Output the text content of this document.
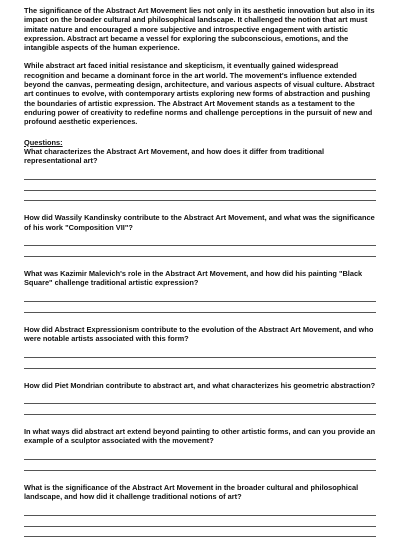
The significance of the Abstract Art Movement lies not only in its aesthetic innovation but also in its impact on the broader cultural and philosophical landscape. It challenged the notion that art must imitate nature and encouraged a more subjective and introspective engagement with artistic expression. Abstract art became a vessel for exploring the subconscious, emotions, and the intangible aspects of the human experience.

While abstract art faced initial resistance and skepticism, it eventually gained widespread recognition and became a dominant force in the art world. The movement's influence extended beyond the canvas, permeating design, architecture, and various aspects of visual culture. Abstract art continues to evolve, with contemporary artists exploring new forms of abstraction and pushing the boundaries of artistic expression. The Abstract Art Movement stands as a testament to the enduring power of creativity to redefine norms and challenge perceptions in the pursuit of new and profound aesthetic experiences.

Questions:

What characterizes the Abstract Art Movement, and how does it differ from traditional representational art?

How did Wassily Kandinsky contribute to the Abstract Art Movement, and what was the significance of his work "Composition VII"?

What was Kazimir Malevich's role in the Abstract Art Movement, and how did his painting "Black Square" challenge traditional artistic expression?

How did Abstract Expressionism contribute to the evolution of the Abstract Art Movement, and who were notable artists associated with this form?

How did Piet Mondrian contribute to abstract art, and what characterizes his geometric abstraction?

In what ways did abstract art extend beyond painting to other artistic forms, and can you provide an example of a sculptor associated with the movement?

What is the significance of the Abstract Art Movement in the broader cultural and philosophical landscape, and how did it challenge traditional notions of art?
